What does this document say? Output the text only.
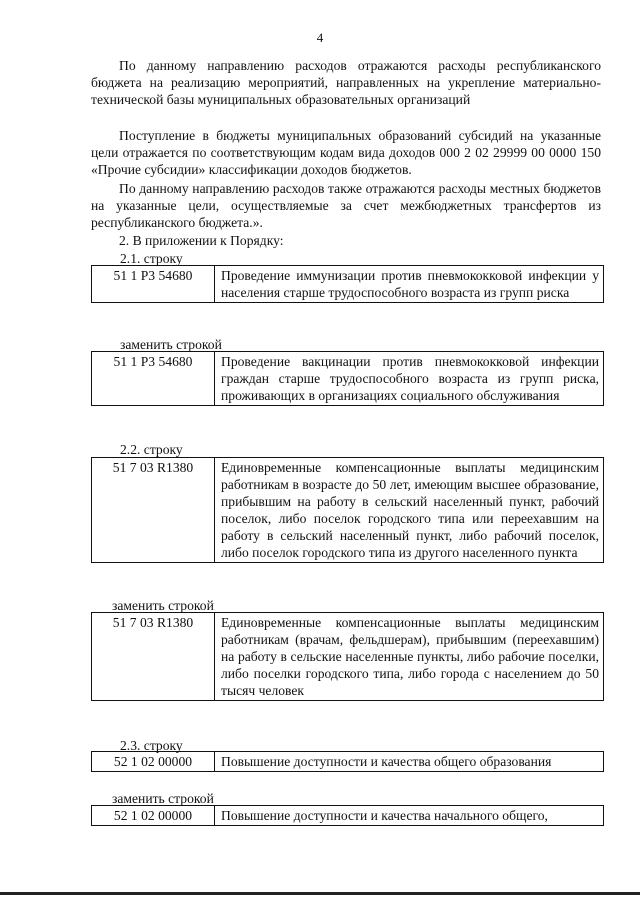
4

По данному направлению расходов отражаются расходы республиканского бюджета на реализацию мероприятий, направленных на укрепление материально-технической базы муниципальных образовательных организаций

Поступление в бюджеты муниципальных образований субсидий на указанные цели отражается по соответствующим кодам вида доходов 000 2 02 29999 00 0000 150 «Прочие субсидии» классификации доходов бюджетов.

По данному направлению расходов также отражаются расходы местных бюджетов на указанные цели, осуществляемые за счет межбюджетных трансфертов из республиканского бюджета.».

2. В приложении к Порядку:

2.1. строку
51 1 P3 54680	Проведение иммунизации против пневмококковой инфекции у населения старше трудоспособного возраста из групп риска
заменить строкой
51 1 P3 54680	Проведение вакцинации против пневмококковой инфекции граждан старше трудоспособного возраста из групп риска, проживающих в организациях социального обслуживания
2.2. строку
51 7 03 R1380	Единовременные компенсационные выплаты медицинским работникам в возрасте до 50 лет, имеющим высшее образование, прибывшим на работу в сельский населенный пункт, рабочий поселок, либо поселок городского типа или переехавшим на работу в сельский населенный пункт, либо рабочий поселок, либо поселок городского типа из другого населенного пункта
заменить строкой
51 7 03 R1380	Единовременные компенсационные выплаты медицинским работникам (врачам, фельдшерам), прибывшим (переехавшим) на работу в сельские населенные пункты, либо рабочие поселки, либо поселки городского типа, либо города с населением до 50 тысяч человек
2.3. строку
52 1 02 00000	Повышение доступности и качества общего образования
заменить строкой
52 1 02 00000	Повышение доступности и качества начального общего,
